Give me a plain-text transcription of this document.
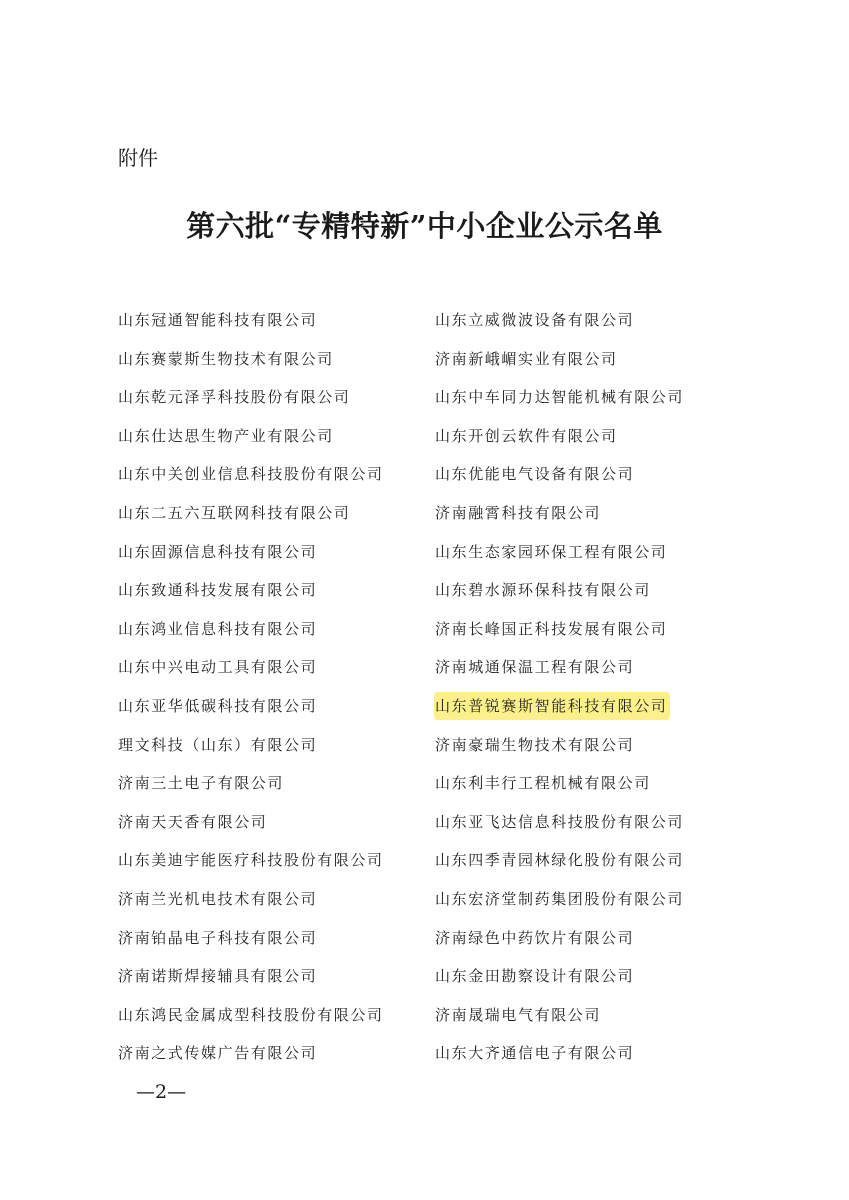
附件
第六批“专精特新”中小企业公示名单
山东冠通智能科技有限公司
山东赛蒙斯生物技术有限公司
山东乾元泽孚科技股份有限公司
山东仕达思生物产业有限公司
山东中关创业信息科技股份有限公司
山东二五六互联网科技有限公司
山东固源信息科技有限公司
山东致通科技发展有限公司
山东鸿业信息科技有限公司
山东中兴电动工具有限公司
山东亚华低碳科技有限公司
理文科技（山东）有限公司
济南三土电子有限公司
济南天天香有限公司
山东美迪宇能医疗科技股份有限公司
济南兰光机电技术有限公司
济南铂晶电子科技有限公司
济南诺斯焊接辅具有限公司
山东鸿民金属成型科技股份有限公司
济南之式传媒广告有限公司
山东立威微波设备有限公司
济南新峨嵋实业有限公司
山东中车同力达智能机械有限公司
山东开创云软件有限公司
山东优能电气设备有限公司
济南融霄科技有限公司
山东生态家园环保工程有限公司
山东碧水源环保科技有限公司
济南长峰国正科技发展有限公司
济南城通保温工程有限公司
山东普锐赛斯智能科技有限公司
济南豪瑞生物技术有限公司
山东利丰行工程机械有限公司
山东亚飞达信息科技股份有限公司
山东四季青园林绿化股份有限公司
山东宏济堂制药集团股份有限公司
济南绿色中药饮片有限公司
山东金田勘察设计有限公司
济南晟瑞电气有限公司
山东大齐通信电子有限公司
—2—
